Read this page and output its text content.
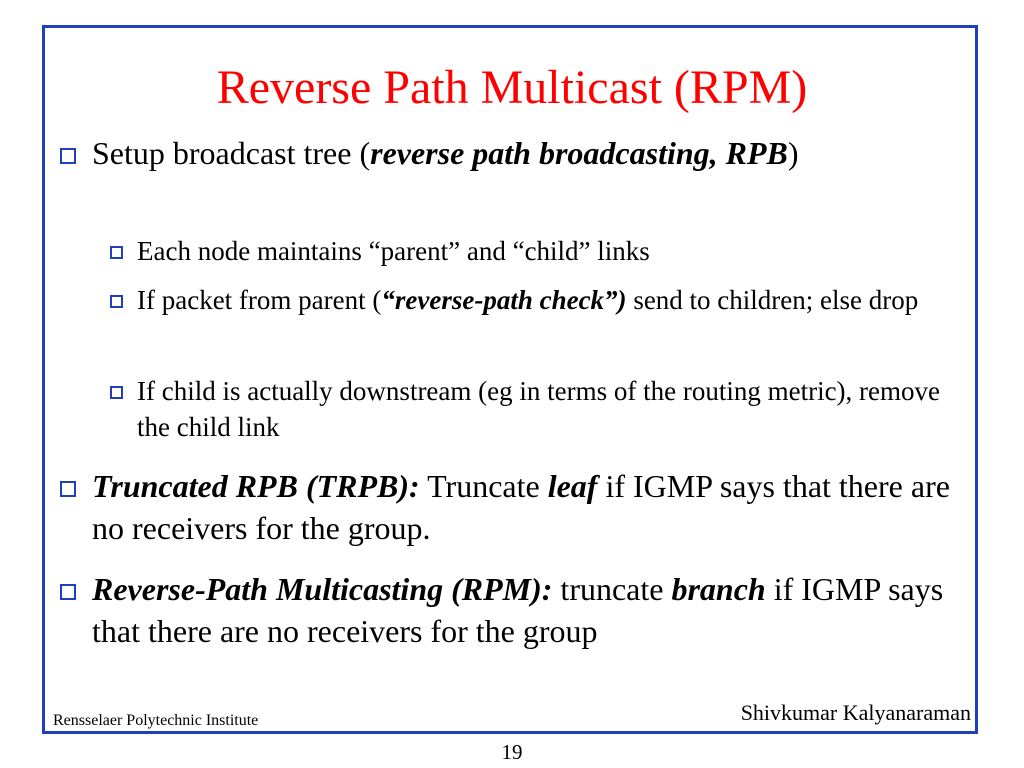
Reverse Path Multicast (RPM)

Setup broadcast tree (reverse path broadcasting, RPB)

Each node maintains “parent” and “child” links

If packet from parent (“reverse-path check”) send to children; else drop

If child is actually downstream (eg in terms of the routing metric), remove the child link

Truncated RPB (TRPB): Truncate leaf if IGMP says that there are no receivers for the group.

Reverse-Path Multicasting (RPM): truncate branch if IGMP says that there are no receivers for the group

Rensselaer Polytechnic Institute	Shivkumar Kalyanaraman
19
